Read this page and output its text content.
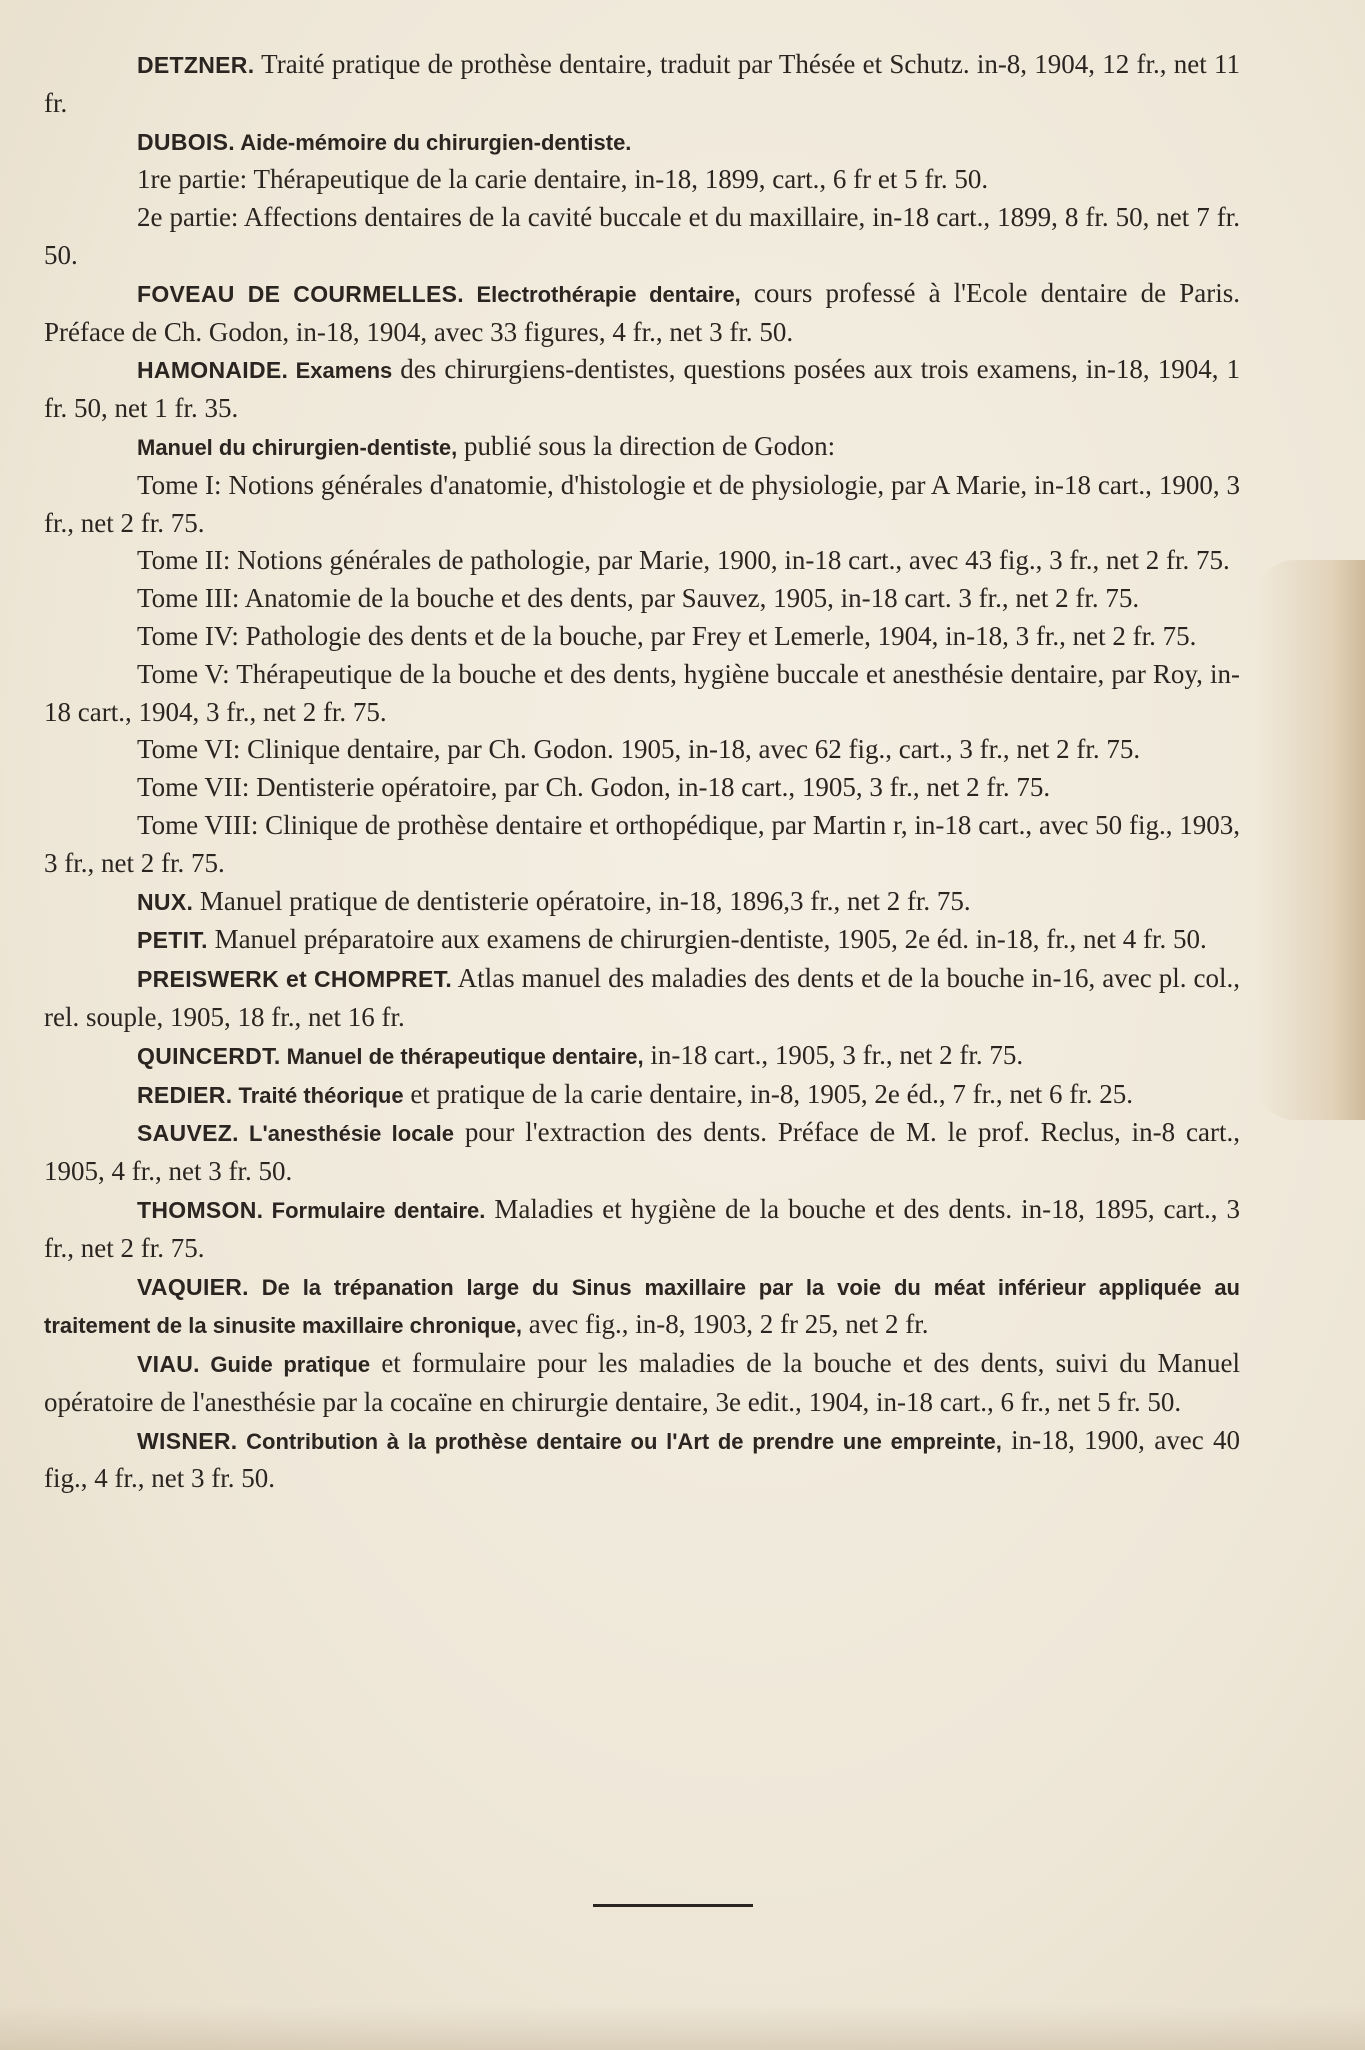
DETZNER. Traité pratique de prothèse dentaire, traduit par Thésée et Schutz. in-8, 1904, 12 fr., net 11 fr.

DUBOIS. Aide-mémoire du chirurgien-dentiste.

1re partie: Thérapeutique de la carie dentaire, in-18, 1899, cart., 6 fr et 5 fr. 50.

2e partie: Affections dentaires de la cavité buccale et du maxillaire, in-18 cart., 1899, 8 fr. 50, net 7 fr. 50.

FOVEAU DE COURMELLES. Electrothérapie dentaire, cours professé à l'Ecole dentaire de Paris. Préface de Ch. Godon, in-18, 1904, avec 33 figures, 4 fr., net 3 fr. 50.

HAMONAIDE. Examens des chirurgiens-dentistes, questions posées aux trois examens, in-18, 1904, 1 fr. 50, net 1 fr. 35.

Manuel du chirurgien-dentiste, publié sous la direction de Godon:

Tome I: Notions générales d'anatomie, d'histologie et de physiologie, par A Marie, in-18 cart., 1900, 3 fr., net 2 fr. 75.

Tome II: Notions générales de pathologie, par Marie, 1900, in-18 cart., avec 43 fig., 3 fr., net 2 fr. 75.

Tome III: Anatomie de la bouche et des dents, par Sauvez, 1905, in-18 cart. 3 fr., net 2 fr. 75.

Tome IV: Pathologie des dents et de la bouche, par Frey et Lemerle, 1904, in-18, 3 fr., net 2 fr. 75.

Tome V: Thérapeutique de la bouche et des dents, hygiène buccale et anesthésie dentaire, par Roy, in-18 cart., 1904, 3 fr., net 2 fr. 75.

Tome VI: Clinique dentaire, par Ch. Godon. 1905, in-18, avec 62 fig., cart., 3 fr., net 2 fr. 75.

Tome VII: Dentisterie opératoire, par Ch. Godon, in-18 cart., 1905, 3 fr., net 2 fr. 75.

Tome VIII: Clinique de prothèse dentaire et orthopédique, par Martin r, in-18 cart., avec 50 fig., 1903, 3 fr., net 2 fr. 75.

NUX. Manuel pratique de dentisterie opératoire, in-18, 1896,3 fr., net 2 fr. 75.

PETIT. Manuel préparatoire aux examens de chirurgien-dentiste, 1905, 2e éd. in-18, fr., net 4 fr. 50.

PREISWERK et CHOMPRET. Atlas manuel des maladies des dents et de la bouche in-16, avec pl. col., rel. souple, 1905, 18 fr., net 16 fr.

QUINCERDT. Manuel de thérapeutique dentaire, in-18 cart., 1905, 3 fr., net 2 fr. 75.

REDIER. Traité théorique et pratique de la carie dentaire, in-8, 1905, 2e éd., 7 fr., net 6 fr. 25.

SAUVEZ. L'anesthésie locale pour l'extraction des dents. Préface de M. le prof. Reclus, in-8 cart., 1905, 4 fr., net 3 fr. 50.

THOMSON. Formulaire dentaire. Maladies et hygiène de la bouche et des dents. in-18, 1895, cart., 3 fr., net 2 fr. 75.

VAQUIER. De la trépanation large du Sinus maxillaire par la voie du méat inférieur appliquée au traitement de la sinusite maxillaire chronique, avec fig., in-8, 1903, 2 fr 25, net 2 fr.

VIAU. Guide pratique et formulaire pour les maladies de la bouche et des dents, suivi du Manuel opératoire de l'anesthésie par la cocaïne en chirurgie dentaire, 3e edit., 1904, in-18 cart., 6 fr., net 5 fr. 50.

WISNER. Contribution à la prothèse dentaire ou l'Art de prendre une empreinte, in-18, 1900, avec 40 fig., 4 fr., net 3 fr. 50.
